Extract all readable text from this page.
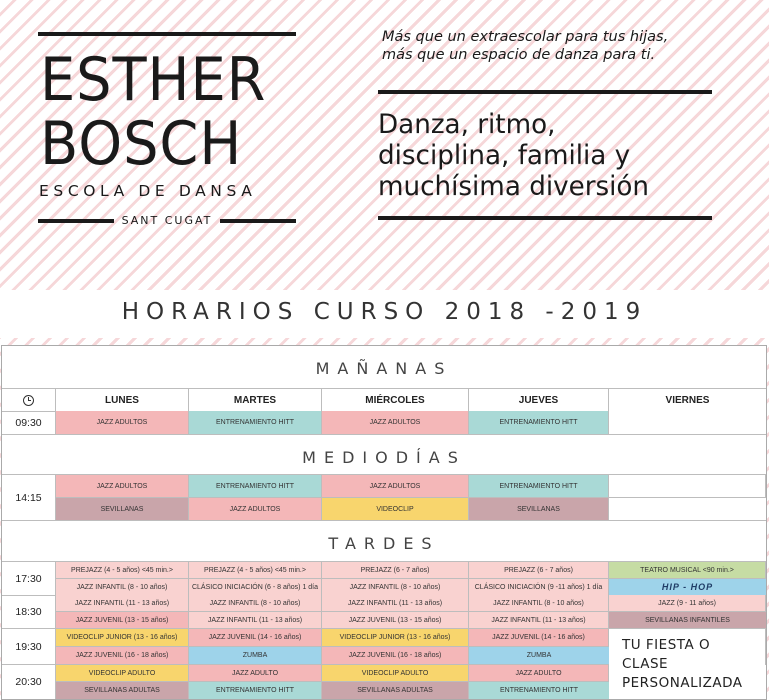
ESTHER
BOSCH
ESCOLA DE DANSA
SANT CUGAT
Más que un extraescolar para tus hijas,
más que un espacio de danza para ti.
Danza, ritmo,
disciplina, familia y
muchísima diversión
HORARIOS CURSO 2018 -2019
MAÑANAS
LUNES	MARTES	MIÉRCOLES	JUEVES	VIERNES
09:30	JAZZ ADULTOS	ENTRENAMIENTO HITT	JAZZ ADULTOS	ENTRENAMIENTO HITT
MEDIODÍAS
14:15
JAZZ ADULTOS	ENTRENAMIENTO HITT	JAZZ ADULTOS	ENTRENAMIENTO HITT
SEVILLANAS	JAZZ ADULTOS	VIDEOCLIP	SEVILLANAS
TARDES
17:30
PREJAZZ (4 - 5 años) <45 min.>	PREJAZZ (4 - 5 años) <45 min.>	PREJAZZ (6 - 7 años)	PREJAZZ (6 - 7 años)	TEATRO MUSICAL <90 min.>
JAZZ INFANTIL (8 - 10 años)	CLÁSICO INICIACIÓN (6 - 8 años) 1 día	JAZZ INFANTIL (8 - 10 años)	CLÁSICO INICIACIÓN (9 -11 años) 1 día	HIP - HOP
18:30
JAZZ INFANTIL (11 - 13 años)	JAZZ INFANTIL (8 - 10 años)	JAZZ INFANTIL (11 - 13 años)	JAZZ INFANTIL (8 - 10 años)	JAZZ (9 - 11 años)
JAZZ JUVENIL (13 - 15 años)	JAZZ INFANTIL (11 - 13 años)	JAZZ JUVENIL (13 - 15 años)	JAZZ INFANTIL (11 - 13 años)	SEVILLANAS INFANTILES
19:30
VIDEOCLIP JUNIOR (13 - 16 años)	JAZZ JUVENIL (14 - 16 años)	VIDEOCLIP JUNIOR (13 - 16 años)	JAZZ JUVENIL (14 - 16 años)
JAZZ JUVENIL (16 - 18 años)	ZUMBA	JAZZ JUVENIL (16 - 18 años)	ZUMBA
20:30
VIDEOCLIP ADULTO	JAZZ ADULTO	VIDEOCLIP ADULTO	JAZZ ADULTO
SEVILLANAS ADULTAS	ENTRENAMIENTO HITT	SEVILLANAS ADULTAS	ENTRENAMIENTO HITT
TU FIESTA O
CLASE
PERSONALIZADA
